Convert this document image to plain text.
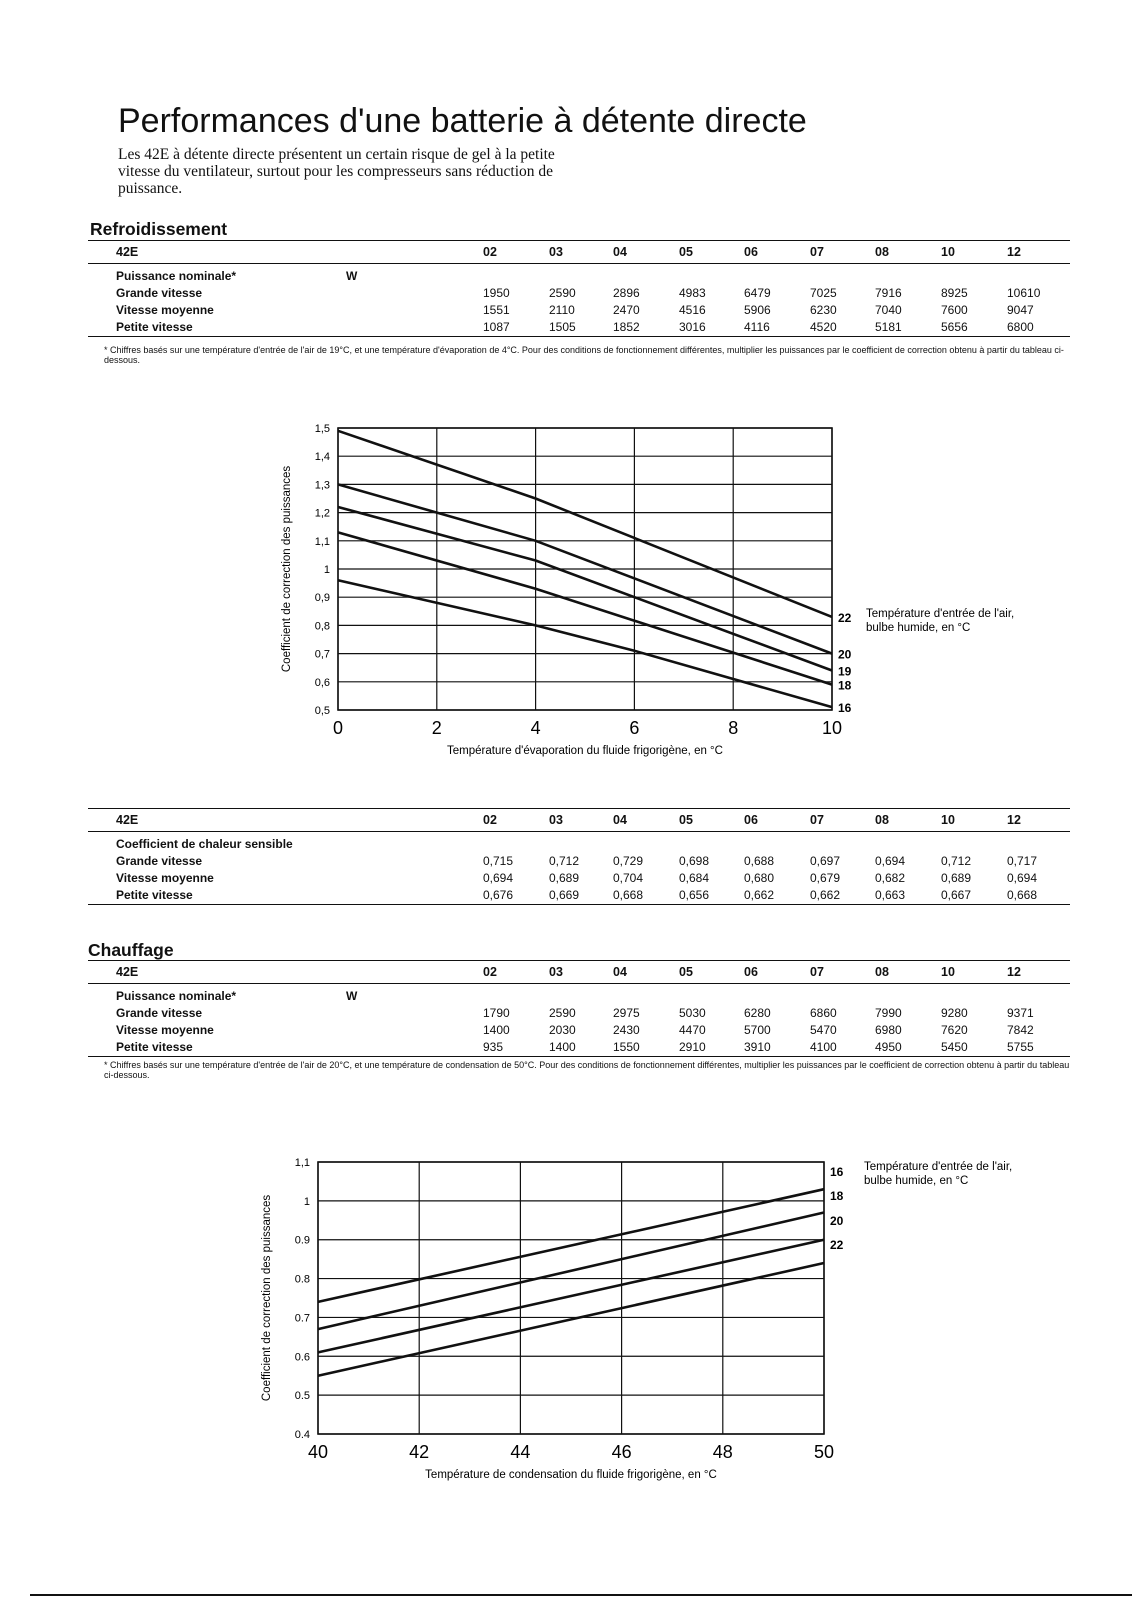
Performances d'une batterie à détente directe
Les 42E à détente directe présentent un certain risque de gel à la petite vitesse du ventilateur, surtout pour les compresseurs sans réduction de puissance.
Refroidissement
42E	02	03	04	05	06	07	08	10	12
Puissance nominale* W									

Grande vitesse	1950	2590	2896	4983	6479	7025	7916	8925	10610
Vitesse moyenne	1551	2110	2470	4516	5906	6230	7040	7600	9047
Petite vitesse	1087	1505	1852	3016	4116	4520	5181	5656	6800
* Chiffres basés sur une température d'entrée de l'air de 19°C, et une température d'évaporation de 4°C. Pour des conditions de fonctionnement différentes, multiplier les puissances par le coefficient de correction obtenu à partir du tableau ci-dessous.
0,5
0,6
0,7
0,8
0,9
1
1,1
1,2
1,3
1,4
1,5
0	2	4	6	8	10
22
20
19
18
16
Température d'évaporation du fluide frigorigène, en °C
Coefficient de correction des puissances	Température d'entrée de l'air, bulbe humide, en °C
42E	02	03	04	05	06	07	08	10	12
Coefficient de chaleur sensible

Grande vitesse	0,715	0,712	0,729	0,698	0,688	0,697	0,694	0,712	0,717
Vitesse moyenne	0,694	0,689	0,704	0,684	0,680	0,679	0,682	0,689	0,694
Petite vitesse	0,676	0,669	0,668	0,656	0,662	0,662	0,663	0,667	0,668
Chauffage
42E	02	03	04	05	06	07	08	10	12
Puissance nominale* W									

Grande vitesse	1790	2590	2975	5030	6280	6860	7990	9280	9371
Vitesse moyenne	1400	2030	2430	4470	5700	5470	6980	7620	7842
Petite vitesse	935	1400	1550	2910	3910	4100	4950	5450	5755
* Chiffres basés sur une température d'entrée de l'air de 20°C, et une température de condensation de 50°C. Pour des conditions de fonctionnement différentes, multiplier les puissances par le coefficient de correction obtenu à partir du tableau ci-dessous.
0.4
0.5
0.6
0.7
0.8
0.9
1
1,1
40	42	44	46	48	50
16
18
20
22
Température de condensation du fluide frigorigène, en °C
Coefficient de correction des puissances
Température d'entrée de l'air, bulbe humide, en °C
